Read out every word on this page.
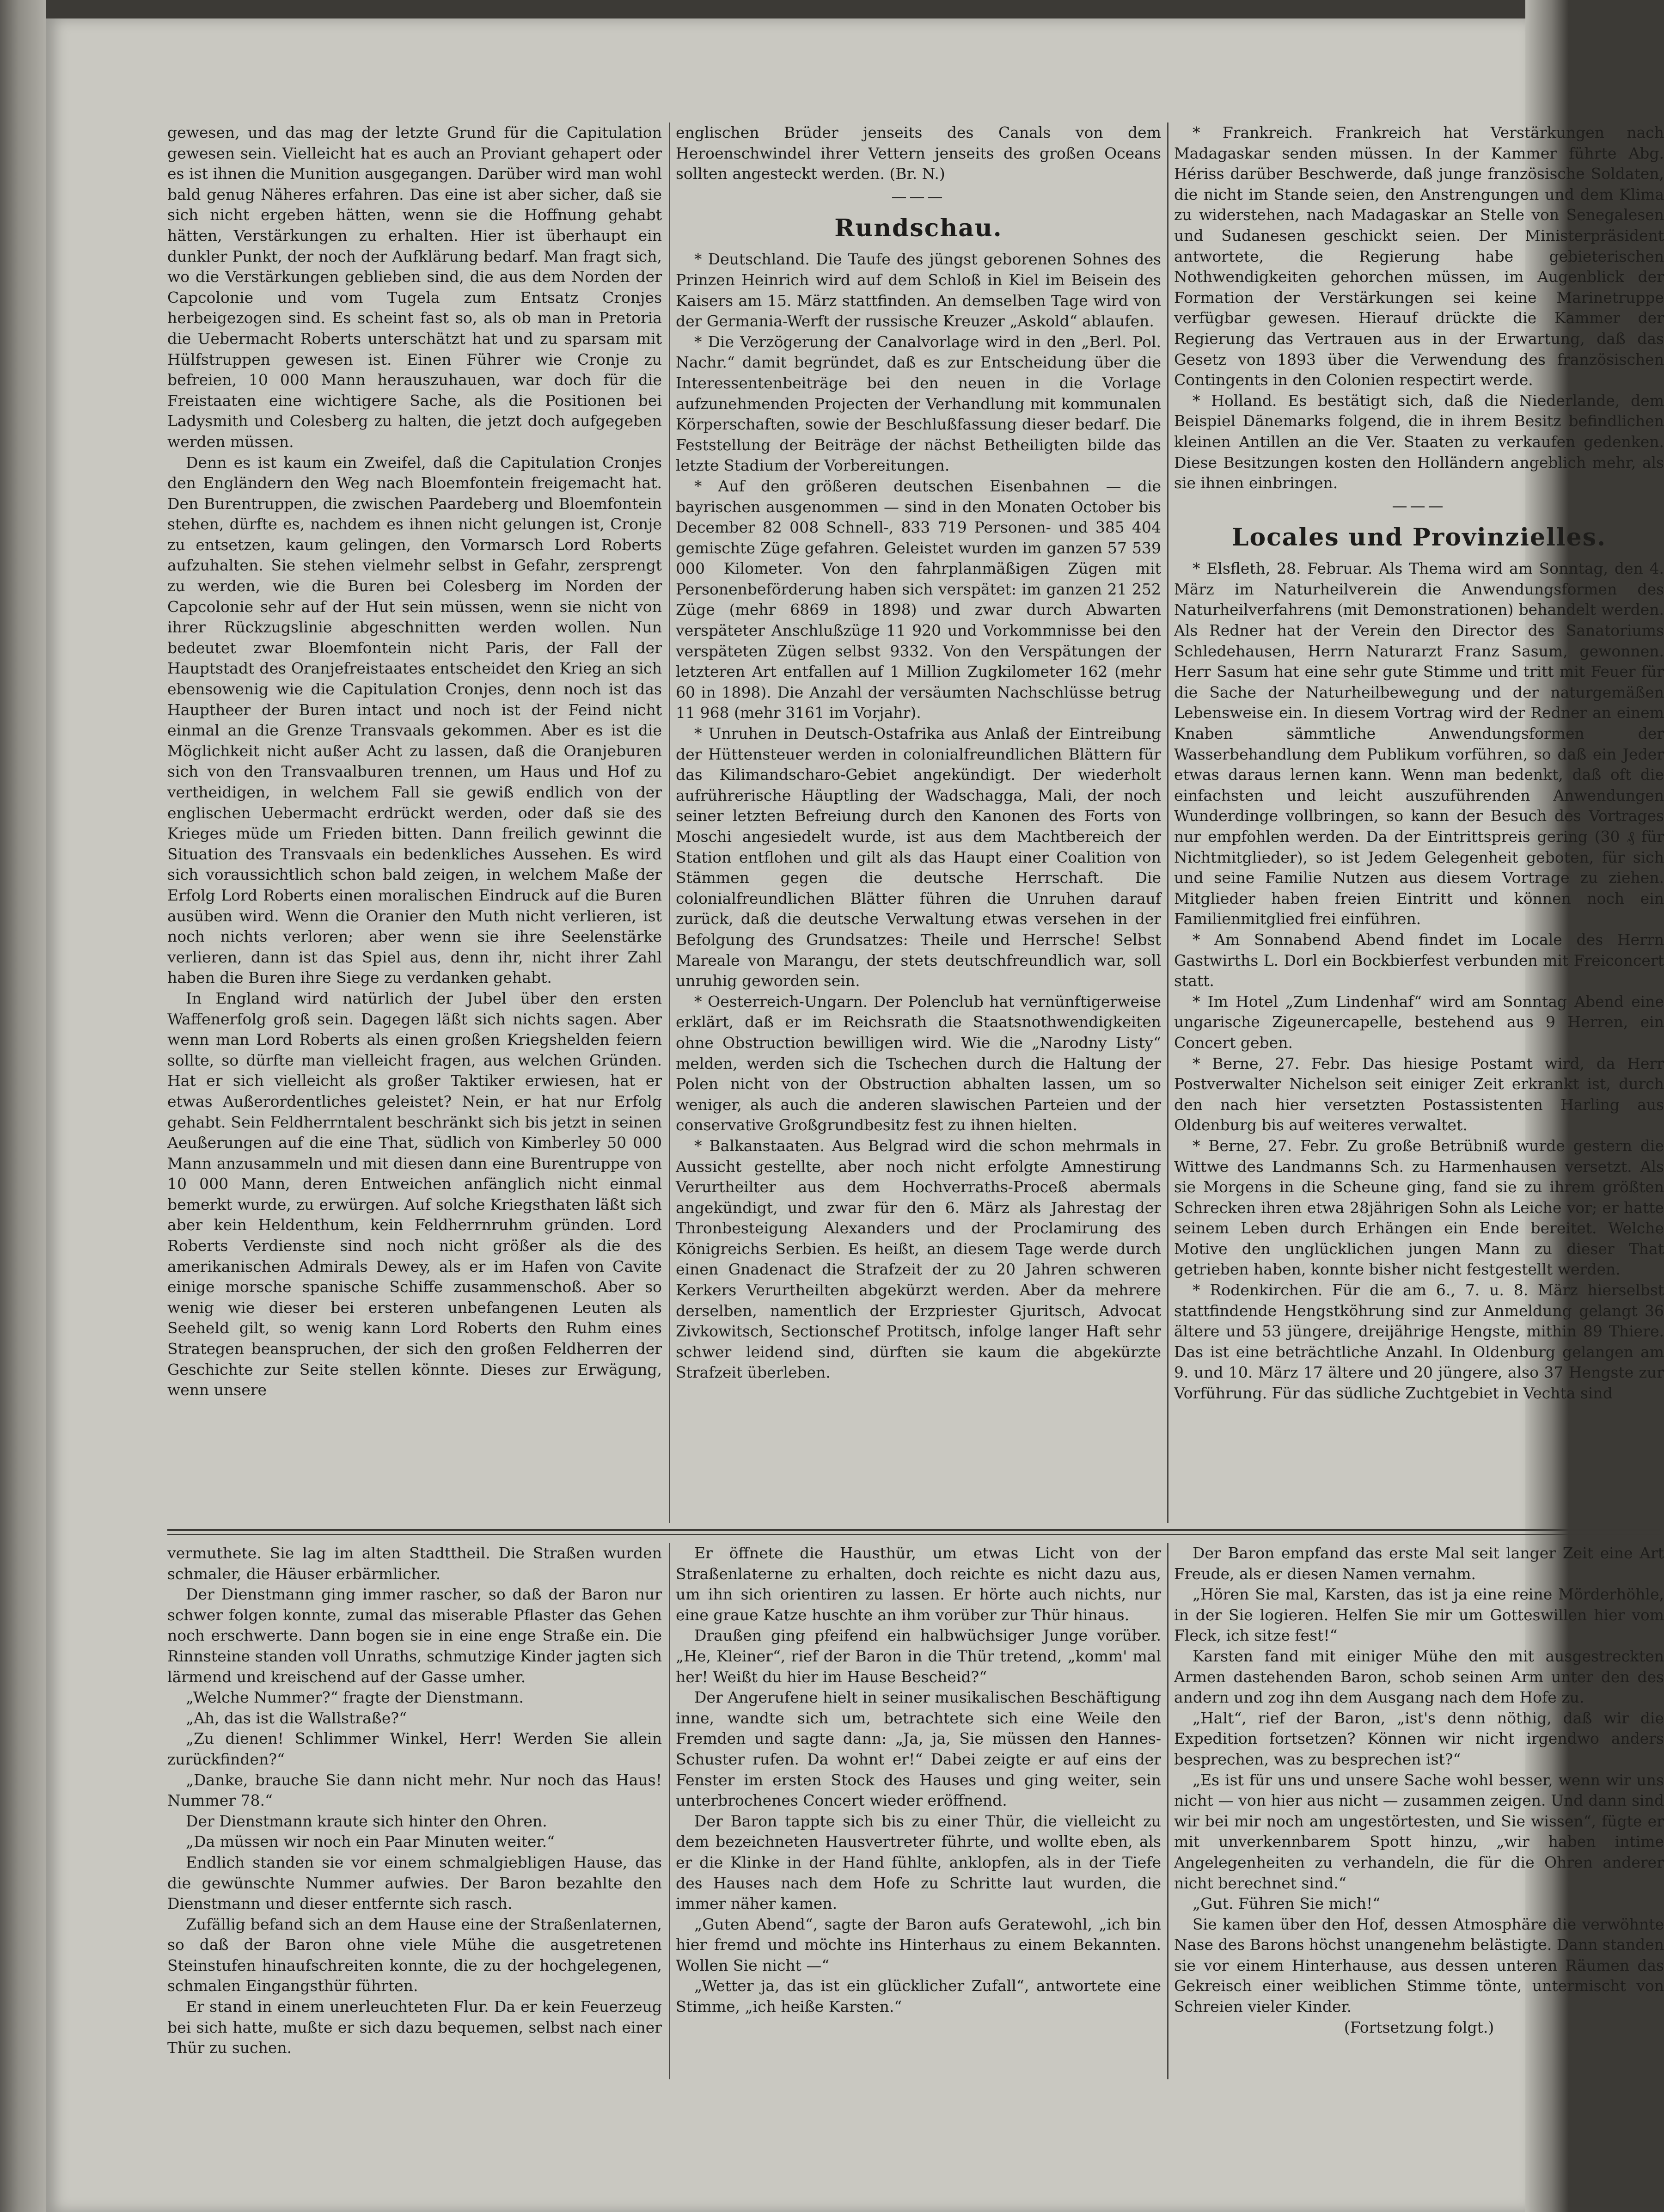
gewesen, und das mag der letzte Grund für die Capitulation gewesen sein. Vielleicht hat es auch an Proviant gehapert oder es ist ihnen die Munition ausgegangen. Darüber wird man wohl bald genug Näheres erfahren. Das eine ist aber sicher, daß sie sich nicht ergeben hätten, wenn sie die Hoffnung gehabt hätten, Verstärkungen zu erhalten. Hier ist überhaupt ein dunkler Punkt, der noch der Aufklärung bedarf. Man fragt sich, wo die Verstärkungen geblieben sind, die aus dem Norden der Capcolonie und vom Tugela zum Entsatz Cronjes herbeigezogen sind. Es scheint fast so, als ob man in Pretoria die Uebermacht Roberts unterschätzt hat und zu sparsam mit Hülfstruppen gewesen ist. Einen Führer wie Cronje zu befreien, 10 000 Mann herauszuhauen, war doch für die Freistaaten eine wichtigere Sache, als die Positionen bei Ladysmith und Colesberg zu halten, die jetzt doch aufgegeben werden müssen.

Denn es ist kaum ein Zweifel, daß die Capitulation Cronjes den Engländern den Weg nach Bloemfontein freigemacht hat. Den Burentruppen, die zwischen Paardeberg und Bloemfontein stehen, dürfte es, nachdem es ihnen nicht gelungen ist, Cronje zu entsetzen, kaum gelingen, den Vormarsch Lord Roberts aufzuhalten. Sie stehen vielmehr selbst in Gefahr, zersprengt zu werden, wie die Buren bei Colesberg im Norden der Capcolonie sehr auf der Hut sein müssen, wenn sie nicht von ihrer Rückzugslinie abgeschnitten werden wollen. Nun bedeutet zwar Bloemfontein nicht Paris, der Fall der Hauptstadt des Oranjefreistaates entscheidet den Krieg an sich ebensowenig wie die Capitulation Cronjes, denn noch ist das Hauptheer der Buren intact und noch ist der Feind nicht einmal an die Grenze Transvaals gekommen. Aber es ist die Möglichkeit nicht außer Acht zu lassen, daß die Oranjeburen sich von den Transvaalburen trennen, um Haus und Hof zu vertheidigen, in welchem Fall sie gewiß endlich von der englischen Uebermacht erdrückt werden, oder daß sie des Krieges müde um Frieden bitten. Dann freilich gewinnt die Situation des Transvaals ein bedenkliches Aussehen. Es wird sich voraussichtlich schon bald zeigen, in welchem Maße der Erfolg Lord Roberts einen moralischen Eindruck auf die Buren ausüben wird. Wenn die Oranier den Muth nicht verlieren, ist noch nichts verloren; aber wenn sie ihre Seelenstärke verlieren, dann ist das Spiel aus, denn ihr, nicht ihrer Zahl haben die Buren ihre Siege zu verdanken gehabt.

In England wird natürlich der Jubel über den ersten Waffenerfolg groß sein. Dagegen läßt sich nichts sagen. Aber wenn man Lord Roberts als einen großen Kriegshelden feiern sollte, so dürfte man vielleicht fragen, aus welchen Gründen. Hat er sich vielleicht als großer Taktiker erwiesen, hat er etwas Außerordentliches geleistet? Nein, er hat nur Erfolg gehabt. Sein Feldherrntalent beschränkt sich bis jetzt in seinen Aeußerungen auf die eine That, südlich von Kimberley 50 000 Mann anzusammeln und mit diesen dann eine Burentruppe von 10 000 Mann, deren Entweichen anfänglich nicht einmal bemerkt wurde, zu erwürgen. Auf solche Kriegsthaten läßt sich aber kein Heldenthum, kein Feldherrnruhm gründen. Lord Roberts Verdienste sind noch nicht größer als die des amerikanischen Admirals Dewey, als er im Hafen von Cavite einige morsche spanische Schiffe zusammenschoß. Aber so wenig wie dieser bei ersteren unbefangenen Leuten als Seeheld gilt, so wenig kann Lord Roberts den Ruhm eines Strategen beanspruchen, der sich den großen Feldherren der Geschichte zur Seite stellen könnte. Dieses zur Erwägung, wenn unsere

englischen Brüder jenseits des Canals von dem Heroenschwindel ihrer Vettern jenseits des großen Oceans sollten angesteckt werden. (Br. N.)

———
Rundschau.

* Deutschland. Die Taufe des jüngst geborenen Sohnes des Prinzen Heinrich wird auf dem Schloß in Kiel im Beisein des Kaisers am 15. März stattfinden. An demselben Tage wird von der Germania-Werft der russische Kreuzer „Askold“ ablaufen.

* Die Verzögerung der Canalvorlage wird in den „Berl. Pol. Nachr.“ damit begründet, daß es zur Entscheidung über die Interessentenbeiträge bei den neuen in die Vorlage aufzunehmenden Projecten der Verhandlung mit kommunalen Körperschaften, sowie der Beschlußfassung dieser bedarf. Die Feststellung der Beiträge der nächst Betheiligten bilde das letzte Stadium der Vorbereitungen.

* Auf den größeren deutschen Eisenbahnen — die bayrischen ausgenommen — sind in den Monaten October bis December 82 008 Schnell-, 833 719 Personen- und 385 404 gemischte Züge gefahren. Geleistet wurden im ganzen 57 539 000 Kilometer. Von den fahrplanmäßigen Zügen mit Personenbeförderung haben sich verspätet: im ganzen 21 252 Züge (mehr 6869 in 1898) und zwar durch Abwarten verspäteter Anschlußzüge 11 920 und Vorkommnisse bei den verspäteten Zügen selbst 9332. Von den Verspätungen der letzteren Art entfallen auf 1 Million Zugkilometer 162 (mehr 60 in 1898). Die Anzahl der versäumten Nachschlüsse betrug 11 968 (mehr 3161 im Vorjahr).

* Unruhen in Deutsch-Ostafrika aus Anlaß der Eintreibung der Hüttensteuer werden in colonialfreundlichen Blättern für das Kilimandscharo-Gebiet angekündigt. Der wiederholt aufrührerische Häuptling der Wadschagga, Mali, der noch seiner letzten Befreiung durch den Kanonen des Forts von Moschi angesiedelt wurde, ist aus dem Machtbereich der Station entflohen und gilt als das Haupt einer Coalition von Stämmen gegen die deutsche Herrschaft. Die colonialfreundlichen Blätter führen die Unruhen darauf zurück, daß die deutsche Verwaltung etwas versehen in der Befolgung des Grundsatzes: Theile und Herrsche! Selbst Mareale von Marangu, der stets deutschfreundlich war, soll unruhig geworden sein.

* Oesterreich-Ungarn. Der Polenclub hat vernünftigerweise erklärt, daß er im Reichsrath die Staatsnothwendigkeiten ohne Obstruction bewilligen wird. Wie die „Narodny Listy“ melden, werden sich die Tschechen durch die Haltung der Polen nicht von der Obstruction abhalten lassen, um so weniger, als auch die anderen slawischen Parteien und der conservative Großgrundbesitz fest zu ihnen hielten.

* Balkanstaaten. Aus Belgrad wird die schon mehrmals in Aussicht gestellte, aber noch nicht erfolgte Amnestirung Verurtheilter aus dem Hochverraths-Proceß abermals angekündigt, und zwar für den 6. März als Jahrestag der Thronbesteigung Alexanders und der Proclamirung des Königreichs Serbien. Es heißt, an diesem Tage werde durch einen Gnadenact die Strafzeit der zu 20 Jahren schweren Kerkers Verurtheilten abgekürzt werden. Aber da mehrere derselben, namentlich der Erzpriester Gjuritsch, Advocat Zivkowitsch, Sectionschef Protitsch, infolge langer Haft sehr schwer leidend sind, dürften sie kaum die abgekürzte Strafzeit überleben.

* Frankreich. Frankreich hat Verstärkungen nach Madagaskar senden müssen. In der Kammer führte Abg. Hériss darüber Beschwerde, daß junge französische Soldaten, die nicht im Stande seien, den Anstrengungen und dem Klima zu widerstehen, nach Madagaskar an Stelle von Senegalesen und Sudanesen geschickt seien. Der Ministerpräsident antwortete, die Regierung habe gebieterischen Nothwendigkeiten gehorchen müssen, im Augenblick der Formation der Verstärkungen sei keine Marinetruppe verfügbar gewesen. Hierauf drückte die Kammer der Regierung das Vertrauen aus in der Erwartung, daß das Gesetz von 1893 über die Verwendung des französischen Contingents in den Colonien respectirt werde.

* Holland. Es bestätigt sich, daß die Niederlande, dem Beispiel Dänemarks folgend, die in ihrem Besitz befindlichen kleinen Antillen an die Ver. Staaten zu verkaufen gedenken. Diese Besitzungen kosten den Holländern angeblich mehr, als sie ihnen einbringen.

———
Locales und Provinzielles.

* Elsfleth, 28. Februar. Als Thema wird am Sonntag, den 4. März im Naturheilverein die Anwendungsformen des Naturheilverfahrens (mit Demonstrationen) behandelt werden. Als Redner hat der Verein den Director des Sanatoriums Schledehausen, Herrn Naturarzt Franz Sasum, gewonnen. Herr Sasum hat eine sehr gute Stimme und tritt mit Feuer für die Sache der Naturheilbewegung und der naturgemäßen Lebensweise ein. In diesem Vortrag wird der Redner an einem Knaben sämmtliche Anwendungsformen der Wasserbehandlung dem Publikum vorführen, so daß ein Jeder etwas daraus lernen kann. Wenn man bedenkt, daß oft die einfachsten und leicht auszuführenden Anwendungen Wunderdinge vollbringen, so kann der Besuch des Vortrages nur empfohlen werden. Da der Eintrittspreis gering (30 ₰ für Nichtmitglieder), so ist Jedem Gelegenheit geboten, für sich und seine Familie Nutzen aus diesem Vortrage zu ziehen. Mitglieder haben freien Eintritt und können noch ein Familienmitglied frei einführen.

* Am Sonnabend Abend findet im Locale des Herrn Gastwirths L. Dorl ein Bockbierfest verbunden mit Freiconcert statt.

* Im Hotel „Zum Lindenhaf“ wird am Sonntag Abend eine ungarische Zigeunercapelle, bestehend aus 9 Herren, ein Concert geben.

* Berne, 27. Febr. Das hiesige Postamt wird, da Herr Postverwalter Nichelson seit einiger Zeit erkrankt ist, durch den nach hier versetzten Postassistenten Harling aus Oldenburg bis auf weiteres verwaltet.

* Berne, 27. Febr. Zu große Betrübniß wurde gestern die Wittwe des Landmanns Sch. zu Harmenhausen versetzt. Als sie Morgens in die Scheune ging, fand sie zu ihrem größten Schrecken ihren etwa 28jährigen Sohn als Leiche vor; er hatte seinem Leben durch Erhängen ein Ende bereitet. Welche Motive den unglücklichen jungen Mann zu dieser That getrieben haben, konnte bisher nicht festgestellt werden.

* Rodenkirchen. Für die am 6., 7. u. 8. März hierselbst stattfindende Hengstköhrung sind zur Anmeldung gelangt 36 ältere und 53 jüngere, dreijährige Hengste, mithin 89 Thiere. Das ist eine beträchtliche Anzahl. In Oldenburg gelangen am 9. und 10. März 17 ältere und 20 jüngere, also 37 Hengste zur Vorführung. Für das südliche Zuchtgebiet in Vechta sind

vermuthete. Sie lag im alten Stadttheil. Die Straßen wurden schmaler, die Häuser erbärmlicher.

Der Dienstmann ging immer rascher, so daß der Baron nur schwer folgen konnte, zumal das miserable Pflaster das Gehen noch erschwerte. Dann bogen sie in eine enge Straße ein. Die Rinnsteine standen voll Unraths, schmutzige Kinder jagten sich lärmend und kreischend auf der Gasse umher.

„Welche Nummer?“ fragte der Dienstmann.

„Ah, das ist die Wallstraße?“

„Zu dienen! Schlimmer Winkel, Herr! Werden Sie allein zurückfinden?“

„Danke, brauche Sie dann nicht mehr. Nur noch das Haus! Nummer 78.“

Der Dienstmann kraute sich hinter den Ohren.

„Da müssen wir noch ein Paar Minuten weiter.“

Endlich standen sie vor einem schmalgiebligen Hause, das die gewünschte Nummer aufwies. Der Baron bezahlte den Dienstmann und dieser entfernte sich rasch.

Zufällig befand sich an dem Hause eine der Straßenlaternen, so daß der Baron ohne viele Mühe die ausgetretenen Steinstufen hinaufschreiten konnte, die zu der hochgelegenen, schmalen Eingangsthür führten.

Er stand in einem unerleuchteten Flur. Da er kein Feuerzeug bei sich hatte, mußte er sich dazu bequemen, selbst nach einer Thür zu suchen.

Er öffnete die Hausthür, um etwas Licht von der Straßenlaterne zu erhalten, doch reichte es nicht dazu aus, um ihn sich orientiren zu lassen. Er hörte auch nichts, nur eine graue Katze huschte an ihm vorüber zur Thür hinaus.

Draußen ging pfeifend ein halbwüchsiger Junge vorüber. „He, Kleiner“, rief der Baron in die Thür tretend, „komm' mal her! Weißt du hier im Hause Bescheid?“

Der Angerufene hielt in seiner musikalischen Beschäftigung inne, wandte sich um, betrachtete sich eine Weile den Fremden und sagte dann: „Ja, ja, Sie müssen den Hannes-Schuster rufen. Da wohnt er!“ Dabei zeigte er auf eins der Fenster im ersten Stock des Hauses und ging weiter, sein unterbrochenes Concert wieder eröffnend.

Der Baron tappte sich bis zu einer Thür, die vielleicht zu dem bezeichneten Hausvertreter führte, und wollte eben, als er die Klinke in der Hand fühlte, anklopfen, als in der Tiefe des Hauses nach dem Hofe zu Schritte laut wurden, die immer näher kamen.

„Guten Abend“, sagte der Baron aufs Geratewohl, „ich bin hier fremd und möchte ins Hinterhaus zu einem Bekannten. Wollen Sie nicht —“

„Wetter ja, das ist ein glücklicher Zufall“, antwortete eine Stimme, „ich heiße Karsten.“

Der Baron empfand das erste Mal seit langer Zeit eine Art Freude, als er diesen Namen vernahm.

„Hören Sie mal, Karsten, das ist ja eine reine Mörderhöhle, in der Sie logieren. Helfen Sie mir um Gotteswillen hier vom Fleck, ich sitze fest!“

Karsten fand mit einiger Mühe den mit ausgestreckten Armen dastehenden Baron, schob seinen Arm unter den des andern und zog ihn dem Ausgang nach dem Hofe zu.

„Halt“, rief der Baron, „ist's denn nöthig, daß wir die Expedition fortsetzen? Können wir nicht irgendwo anders besprechen, was zu besprechen ist?“

„Es ist für uns und unsere Sache wohl besser, wenn wir uns nicht — von hier aus nicht — zusammen zeigen. Und dann sind wir bei mir noch am ungestörtesten, und Sie wissen“, fügte er mit unverkennbarem Spott hinzu, „wir haben intime Angelegenheiten zu verhandeln, die für die Ohren anderer nicht berechnet sind.“

„Gut. Führen Sie mich!“

Sie kamen über den Hof, dessen Atmosphäre die verwöhnte Nase des Barons höchst unangenehm belästigte. Dann standen sie vor einem Hinterhause, aus dessen unteren Räumen das Gekreisch einer weiblichen Stimme tönte, untermischt von Schreien vieler Kinder.

(Fortsetzung folgt.)
